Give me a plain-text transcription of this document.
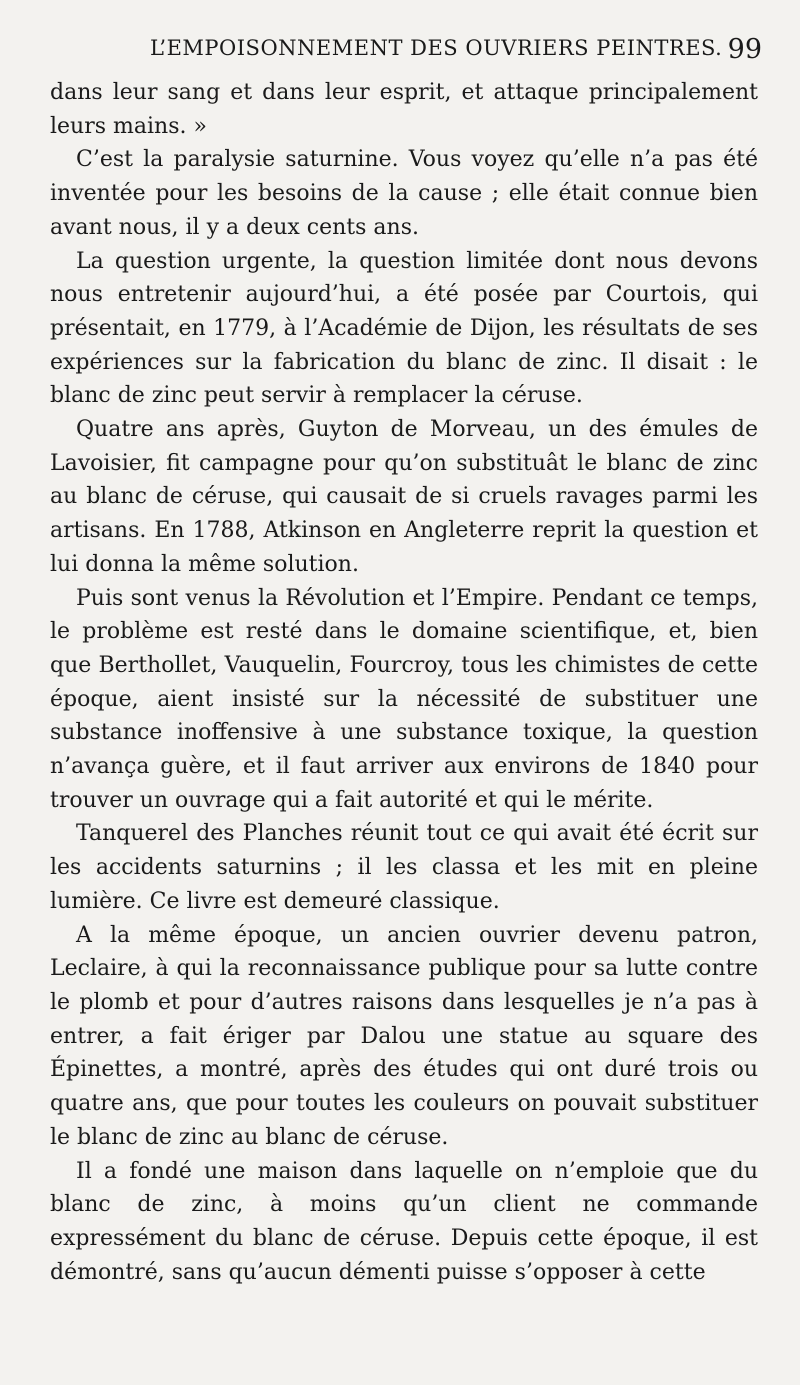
L’EMPOISONNEMENT DES OUVRIERS PEINTRES. 99

dans leur sang et dans leur esprit, et attaque principalement leurs mains. »

C’est la paralysie saturnine. Vous voyez qu’elle n’a pas été inventée pour les besoins de la cause ; elle était connue bien avant nous, il y a deux cents ans.

La question urgente, la question limitée dont nous devons nous entretenir aujourd’hui, a été posée par Courtois, qui présentait, en 1779, à l’Académie de Dijon, les résultats de ses expériences sur la fabrication du blanc de zinc. Il disait : le blanc de zinc peut servir à remplacer la céruse.

Quatre ans après, Guyton de Morveau, un des émules de Lavoisier, fit campagne pour qu’on substituât le blanc de zinc au blanc de céruse, qui causait de si cruels ravages parmi les artisans. En 1788, Atkinson en Angleterre reprit la question et lui donna la même solution.

Puis sont venus la Révolution et l’Empire. Pendant ce temps, le problème est resté dans le domaine scientifique, et, bien que Berthollet, Vauquelin, Fourcroy, tous les chimistes de cette époque, aient insisté sur la nécessité de substituer une substance inoffensive à une substance toxique, la question n’avança guère, et il faut arriver aux environs de 1840 pour trouver un ouvrage qui a fait autorité et qui le mérite.

Tanquerel des Planches réunit tout ce qui avait été écrit sur les accidents saturnins ; il les classa et les mit en pleine lumière. Ce livre est demeuré classique.

A la même époque, un ancien ouvrier devenu patron, Leclaire, à qui la reconnaissance publique pour sa lutte contre le plomb et pour d’autres raisons dans lesquelles je n’a pas à entrer, a fait ériger par Dalou une statue au square des Épinettes, a montré, après des études qui ont duré trois ou quatre ans, que pour toutes les couleurs on pouvait substituer le blanc de zinc au blanc de céruse.

Il a fondé une maison dans laquelle on n’emploie que du blanc de zinc, à moins qu’un client ne commande expressément du blanc de céruse. Depuis cette époque, il est démontré, sans qu’aucun démenti puisse s’opposer à cette
